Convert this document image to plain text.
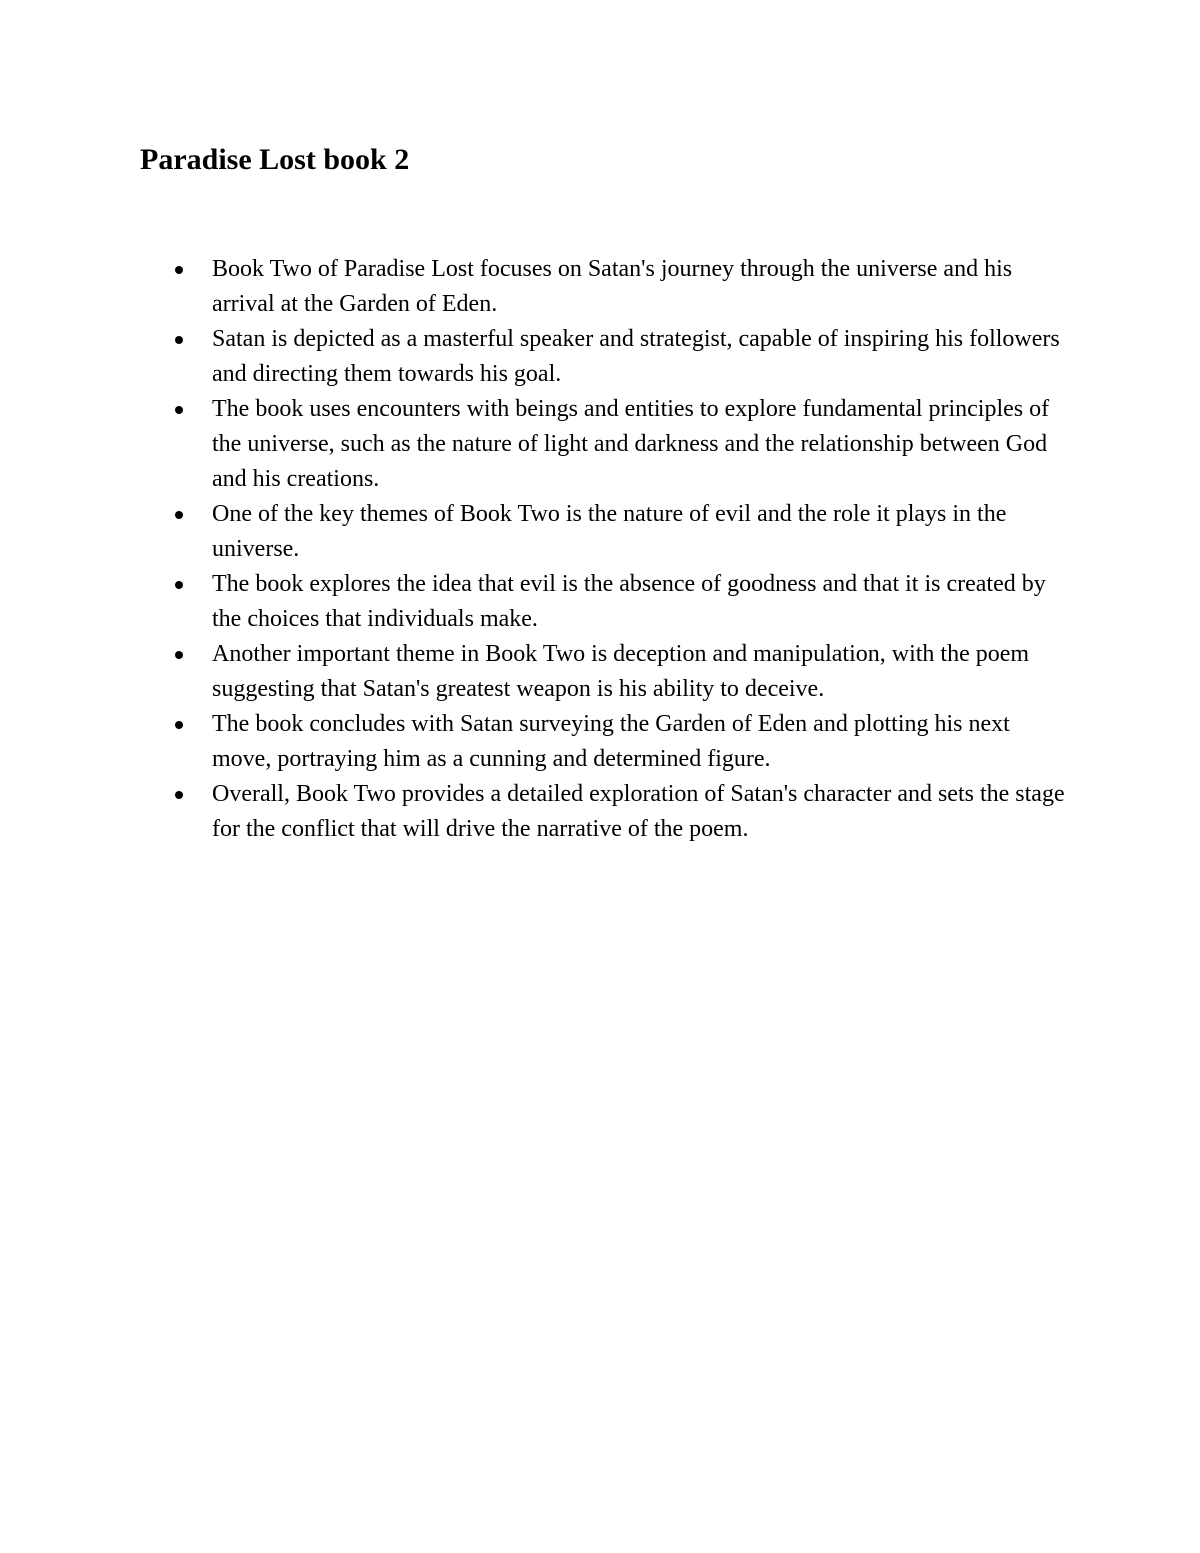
Paradise Lost book 2
Book Two of Paradise Lost focuses on Satan's journey through the universe and his arrival at the Garden of Eden.
Satan is depicted as a masterful speaker and strategist, capable of inspiring his followers and directing them towards his goal.
The book uses encounters with beings and entities to explore fundamental principles of the universe, such as the nature of light and darkness and the relationship between God and his creations.
One of the key themes of Book Two is the nature of evil and the role it plays in the universe.
The book explores the idea that evil is the absence of goodness and that it is created by the choices that individuals make.
Another important theme in Book Two is deception and manipulation, with the poem suggesting that Satan's greatest weapon is his ability to deceive.
The book concludes with Satan surveying the Garden of Eden and plotting his next move, portraying him as a cunning and determined figure.
Overall, Book Two provides a detailed exploration of Satan's character and sets the stage for the conflict that will drive the narrative of the poem.
